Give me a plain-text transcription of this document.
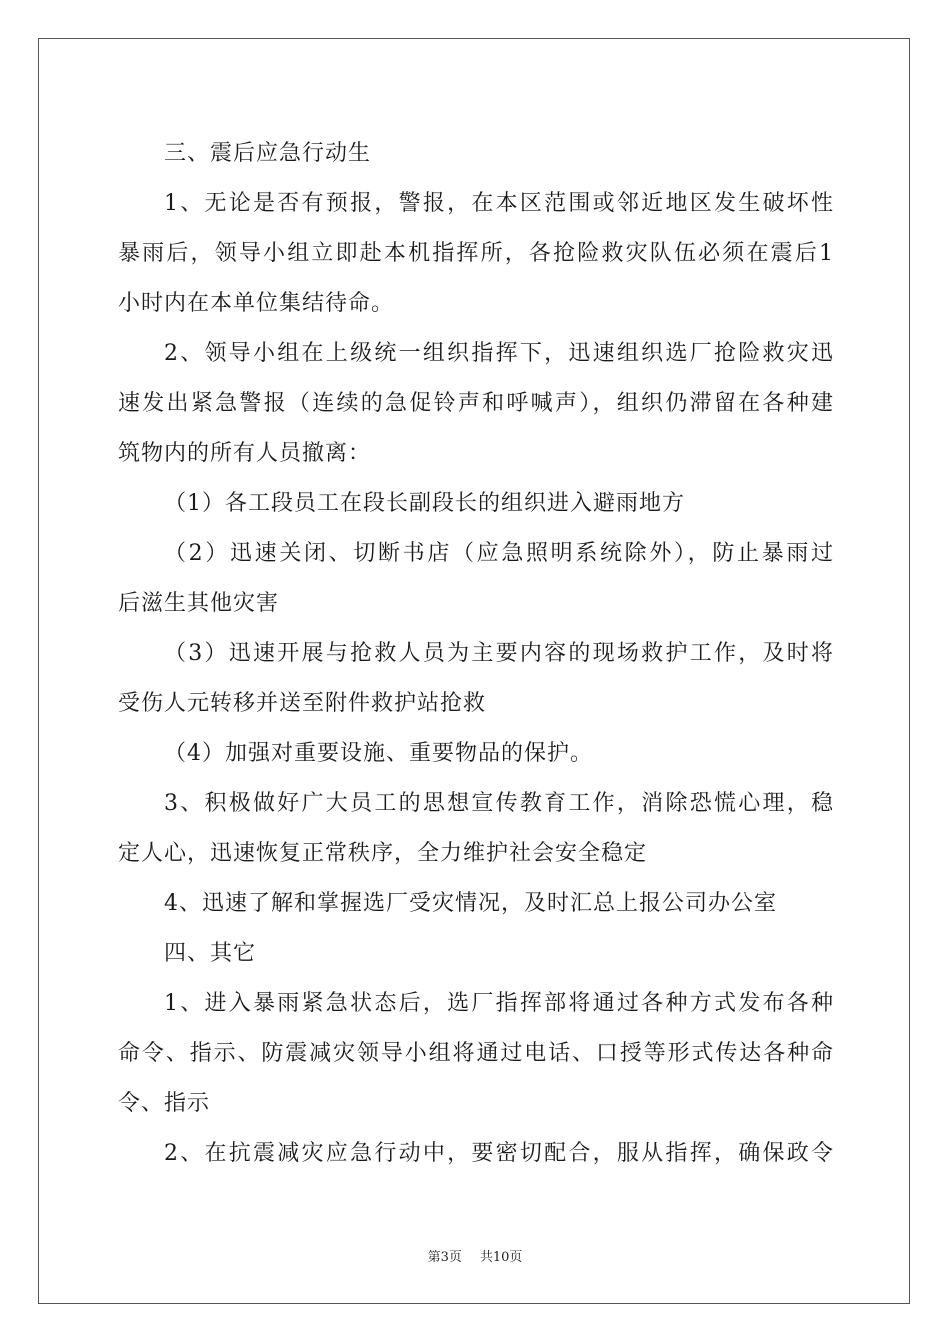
三、震后应急行动生
1、无论是否有预报，警报，在本区范围或邻近地区发生破坏性
暴雨后，领导小组立即赴本机指挥所，各抢险救灾队伍必须在震后1
小时内在本单位集结待命。
2、领导小组在上级统一组织指挥下，迅速组织选厂抢险救灾迅
速发出紧急警报（连续的急促铃声和呼喊声），组织仍滞留在各种建
筑物内的所有人员撤离：
（1）各工段员工在段长副段长的组织进入避雨地方
（2）迅速关闭、切断书店（应急照明系统除外），防止暴雨过
后滋生其他灾害
（3）迅速开展与抢救人员为主要内容的现场救护工作，及时将
受伤人元转移并送至附件救护站抢救
（4）加强对重要设施、重要物品的保护。
3、积极做好广大员工的思想宣传教育工作，消除恐慌心理，稳
定人心，迅速恢复正常秩序，全力维护社会安全稳定
4、迅速了解和掌握选厂受灾情况，及时汇总上报公司办公室
四、其它
1、进入暴雨紧急状态后，选厂指挥部将通过各种方式发布各种
命令、指示、防震减灾领导小组将通过电话、口授等形式传达各种命
令、指示
2、在抗震减灾应急行动中，要密切配合，服从指挥，确保政令
第3页 共10页
